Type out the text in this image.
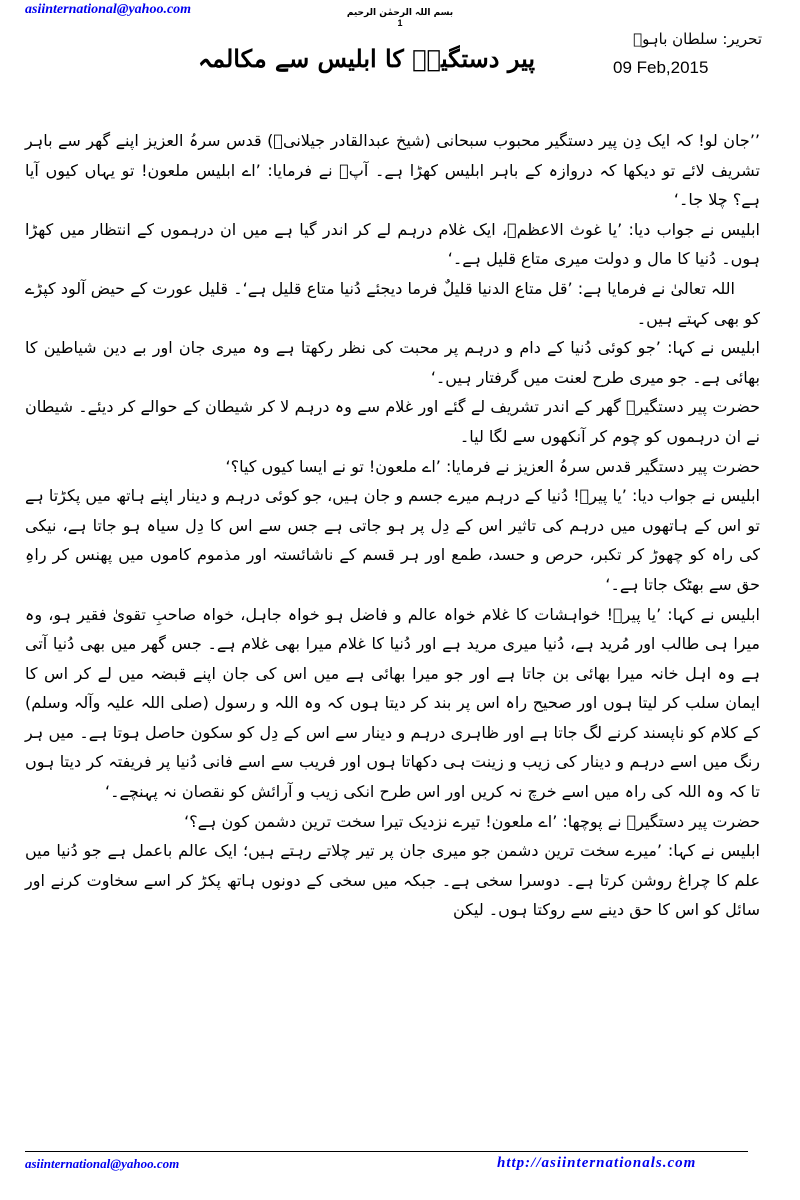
asiinternational@yahoo.com	بسم اللہ الرحمٰن الرحیم
1
پیر دستگیرؒ کا ابلیس سے مکالمہ
تحریر: سلطان باہوؒ
09 Feb,2015

’’جان لو! کہ ایک دِن پیر دستگیر محبوب سبحانی (شیخ عبدالقادر جیلانیؒ) قدس سرہُ العزیز اپنے گھر سے باہر تشریف لائے تو دیکھا کہ دروازہ کے باہر ابلیس کھڑا ہے۔ آپؒ نے فرمایا: ’اے ابلیس ملعون! تو یہاں کیوں آیا ہے؟ چلا جا۔‘

ابلیس نے جواب دیا: ’یا غوث الاعظمؒ، ایک غلام درہم لے کر اندر گیا ہے میں ان درہموں کے انتظار میں کھڑا ہوں۔ دُنیا کا مال و دولت میری متاع قلیل ہے۔‘

اللہ تعالیٰ نے فرمایا ہے: ’قل متاع الدنیا قلیلٌ فرما دیجئے دُنیا متاع قلیل ہے‘۔ قلیل عورت کے حیض آلود کپڑے کو بھی کہتے ہیں۔

ابلیس نے کہا: ’جو کوئی دُنیا کے دام و درہم پر محبت کی نظر رکھتا ہے وہ میری جان اور بے دین شیاطین کا بھائی ہے۔ جو میری طرح لعنت میں گرفتار ہیں۔‘

حضرت پیر دستگیرؒ گھر کے اندر تشریف لے گئے اور غلام سے وہ درہم لا کر شیطان کے حوالے کر دیئے۔ شیطان نے ان درہموں کو چوم کر آنکھوں سے لگا لیا۔

حضرت پیر دستگیر قدس سرہُ العزیز نے فرمایا: ’اے ملعون! تو نے ایسا کیوں کیا؟‘

ابلیس نے جواب دیا: ’یا پیرؒ! دُنیا کے درہم میرے جسم و جان ہیں، جو کوئی درہم و دینار اپنے ہاتھ میں پکڑتا ہے تو اس کے ہاتھوں میں درہم کی تاثیر اس کے دِل پر ہو جاتی ہے جس سے اس کا دِل سیاہ ہو جاتا ہے، نیکی کی راہ کو چھوڑ کر تکبر، حرص و حسد، طمع اور ہر قسم کے ناشائستہ اور مذموم کاموں میں پھنس کر راہِ حق سے بھٹک جاتا ہے۔‘

ابلیس نے کہا: ’یا پیرؒ! خواہشات کا غلام خواہ عالم و فاضل ہو خواہ جاہل، خواہ صاحبِ تقویٰ فقیر ہو، وہ میرا ہی طالب اور مُرید ہے، دُنیا میری مرید ہے اور دُنیا کا غلام میرا بھی غلام ہے۔ جس گھر میں بھی دُنیا آتی ہے وہ اہل خانہ میرا بھائی بن جاتا ہے اور جو میرا بھائی ہے میں اس کی جان اپنے قبضہ میں لے کر اس کا ایمان سلب کر لیتا ہوں اور صحیح راہ اس پر بند کر دیتا ہوں کہ وہ اللہ و رسول (صلی اللہ علیہ وآلہ وسلم) کے کلام کو ناپسند کرنے لگ جاتا ہے اور ظاہری درہم و دینار سے اس کے دِل کو سکون حاصل ہوتا ہے۔ میں ہر رنگ میں اسے درہم و دینار کی زیب و زینت ہی دکھاتا ہوں اور فریب سے اسے فانی دُنیا پر فریفتہ کر دیتا ہوں تا کہ وہ اللہ کی راہ میں اسے خرچ نہ کریں اور اس طرح انکی زیب و آرائش کو نقصان نہ پہنچے۔‘

حضرت پیر دستگیرؒ نے پوچھا: ’اے ملعون! تیرے نزدیک تیرا سخت ترین دشمن کون ہے؟‘

ابلیس نے کہا: ’میرے سخت ترین دشمن جو میری جان پر تیر چلاتے رہتے ہیں؛ ایک عالم باعمل ہے جو دُنیا میں علم کا چراغ روشن کرتا ہے۔ دوسرا سخی ہے۔ جبکہ میں سخی کے دونوں ہاتھ پکڑ کر اسے سخاوت کرنے اور سائل کو اس کا حق دینے سے روکتا ہوں۔ لیکن

asiinternational@yahoo.com	http://asiinternationals.com
